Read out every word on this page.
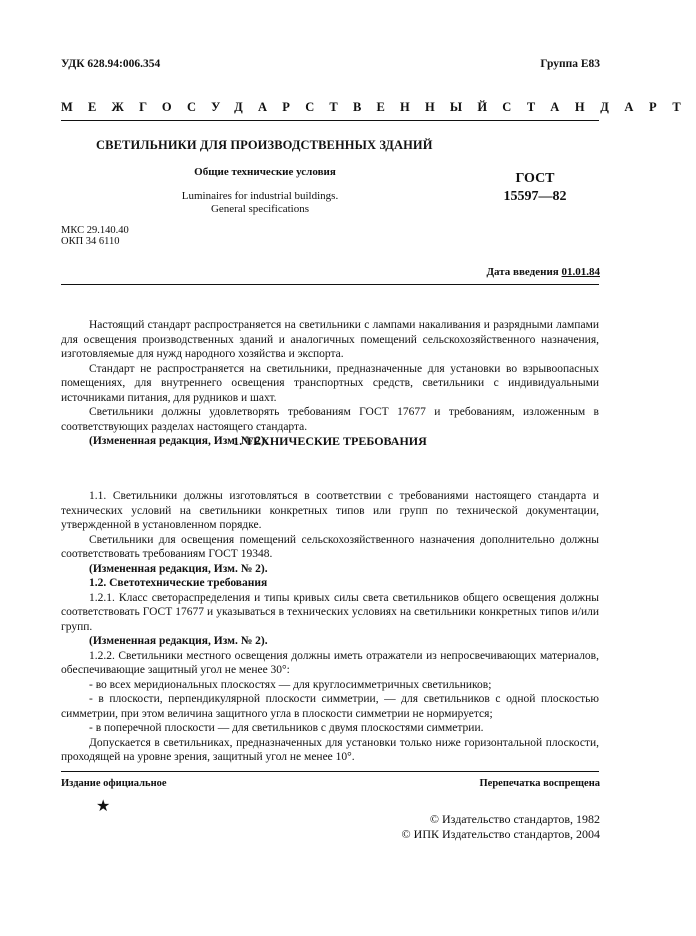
УДК 628.94:006.354	Группа Е83
МЕЖГОСУДАРСТВЕННЫЙ СТАНДАРТ
СВЕТИЛЬНИКИ ДЛЯ ПРОИЗВОДСТВЕННЫХ ЗДАНИЙ
Общие технические условия
Luminaires for industrial buildings.
General specifications
ГОСТ
15597—82
МКС 29.140.40
ОКП 34 6110
Дата введения 01.01.84

Настоящий стандарт распространяется на светильники с лампами накаливания и разрядными лампами для освещения производственных зданий и аналогичных помещений сельскохозяйственного назначения, изготовляемые для нужд народного хозяйства и экспорта.

Стандарт не распространяется на светильники, предназначенные для установки во взрывоопасных помещениях, для внутреннего освещения транспортных средств, светильники с индивидуальными источниками питания, для рудников и шахт.

Светильники должны удовлетворять требованиям ГОСТ 17677 и требованиям, изложенным в соответствующих разделах настоящего стандарта.

(Измененная редакция, Изм. № 2).

1. ТЕХНИЧЕСКИЕ ТРЕБОВАНИЯ

1.1. Светильники должны изготовляться в соответствии с требованиями настоящего стандарта и технических условий на светильники конкретных типов или групп по технической документации, утвержденной в установленном порядке.

Светильники для освещения помещений сельскохозяйственного назначения дополнительно должны соответствовать требованиям ГОСТ 19348.

(Измененная редакция, Изм. № 2).

1.2. Светотехнические требования

1.2.1. Класс светораспределения и типы кривых силы света светильников общего освещения должны соответствовать ГОСТ 17677 и указываться в технических условиях на светильники конкретных типов и/или групп.

(Измененная редакция, Изм. № 2).

1.2.2. Светильники местного освещения должны иметь отражатели из непросвечивающих материалов, обеспечивающие защитный угол не менее 30°:

- во всех меридиональных плоскостях — для круглосимметричных светильников;

- в плоскости, перпендикулярной плоскости симметрии, — для светильников с одной плоскостью симметрии, при этом величина защитного угла в плоскости симметрии не нормируется;

- в поперечной плоскости — для светильников с двумя плоскостями симметрии.

Допускается в светильниках, предназначенных для установки только ниже горизонтальной плоскости, проходящей на уровне зрения, защитный угол не менее 10°.

Издание официальное	Перепечатка воспрещена
★
© Издательство стандартов, 1982
© ИПК Издательство стандартов, 2004
